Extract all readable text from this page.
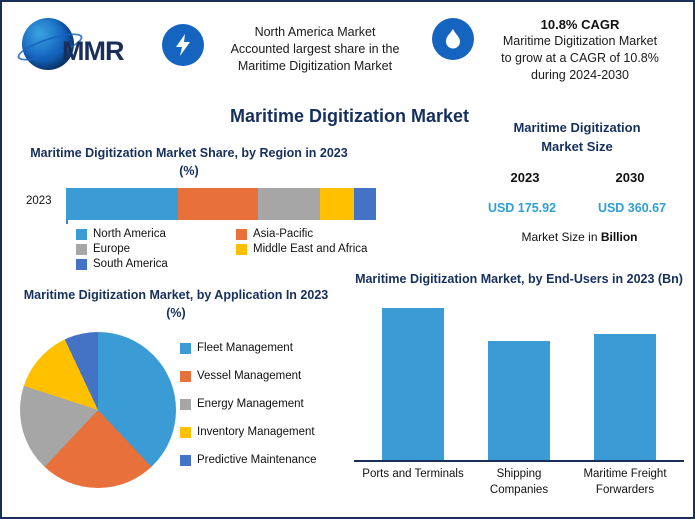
MMR
North America Market
Accounted largest share in the
Maritime Digitization Market
10.8% CAGR
Maritime Digitization Market
to grow at a CAGR of 10.8%
during 2024-2030
Maritime Digitization Market
Maritime Digitization Market Share, by Region in 2023 (%)
2023
North America	Asia-Pacific
Europe	Middle East and Africa
South America
Maritime Digitization
Market Size
2023	2030
USD 175.92	USD 360.67
Market Size in Billion
Maritime Digitization Market, by Application In 2023 (%)
Fleet Management
Vessel Management
Energy Management
Inventory Management
Predictive Maintenance
Maritime Digitization Market, by End-Users in 2023 (Bn)
Ports and Terminals	Shipping Companies
Maritime Freight Forwarders
